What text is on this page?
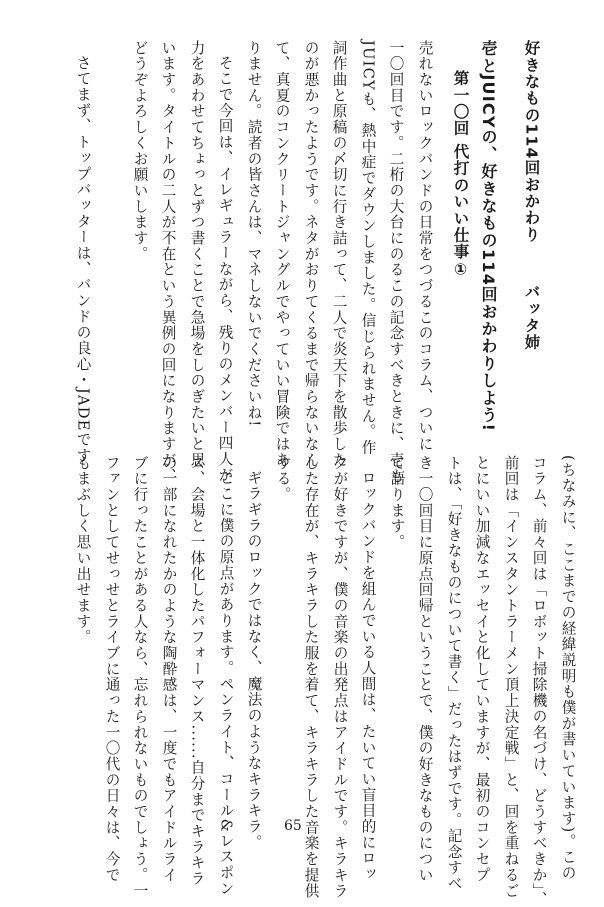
好きなもの114回おかわり
バッタ姉
壱とJUICYの、好きなもの114回おかわりしよう!
第一〇回 代打のいい仕事①
売れないロックバンドの日常をつづるこのコラム、ついに
一〇回目です。二桁の大台にのるこの記念すべきときに、壱も
JUICYも、熱中症でダウンしました。信じられません。作
詞作曲と原稿の〆切に行き詰って、二人で炎天下を散歩した
のが悪かったようです。ネタがおりてくるまで帰らないなん
て、真夏のコンクリートジャングルでやっていい冒険ではあ
りません。読者の皆さんは、マネしないでくださいね!
そこで今回は、イレギュラーながら、残りのメンバー四人が
力をあわせてちょっとずつ書くことで急場をしのぎたいと思
います。タイトルの二人が不在という異例の回になりますが、
どうぞよろしくお願いします。
さてまず、トップバッターは、バンドの良心・JADEです
(ちなみに、ここまでの経緯説明も僕が書いています)。この
コラム、前々回は「ロボット掃除機の名づけ、どうすべきか」、
前回は「インスタントラーメン頂上決定戦」と、回を重ねるご
とにいい加減なエッセイと化していますが、最初のコンセプ
トは、「好きなものについて書く」だったはずです。記念すべ
き一〇回目に原点回帰ということで、僕の好きなものについ
て語ります。
ロックバンドを組んでいる人間は、たいてい盲目的にロッ
クが好きですが、僕の音楽の出発点はアイドルです。キラキラ
した存在が、キラキラした服を着て、キラキラした音楽を提供
する。
ギラギラのロックではなく、魔法のようなキラキラ。
ここに僕の原点があります。ペンライト、コール&レスポン
ス、会場と一体化したパフォーマンス......自分までキラキラ
の一部になれたかのような陶酔感は、一度でもアイドルライ
ブに行ったことがある人なら、忘れられないものでしょう。一
ファンとしてせっせとライブに通った一〇代の日々は、今で
もまぶしく思い出せます。
65
